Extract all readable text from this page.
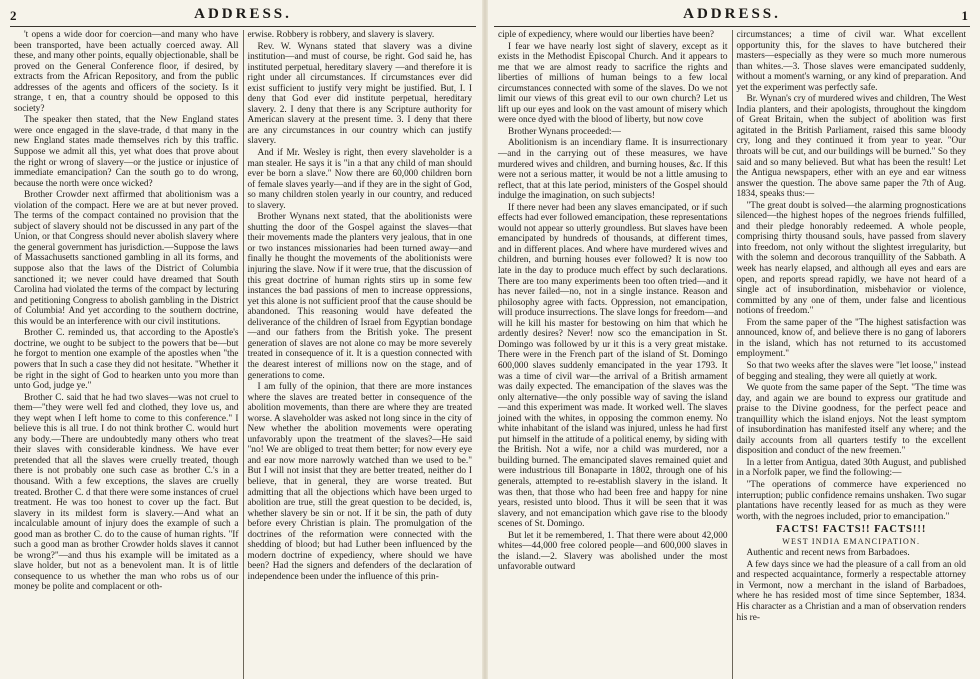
2	ADDRESS.

't opens a wide door for coercion—and many who have been transported, have been actually coerced away. All these, and many other points, equally objectionable, shall be proved on the General Conference floor, if desired, by extracts from the African Repository, and from the public addresses of the agents and officers of the society. Is it strange, t en, that a country should be opposed to this society?

The speaker then stated, that the New England states were once engaged in the slave-trade, d that many in the new England states made themselves rich by this traffic. Suppose we admit all this, yet what does that prove about the right or wrong of slavery—or the justice or injustice of immediate emancipation? Can the south go to do wrong, because the north were once wicked?

Brother Crowder next affirmed that abolitionism was a violation of the compact. Here we are at but never proved. The terms of the compact contained no provision that the subject of slavery should not be discussed in any part of the Union, or that Congress should never abolish slavery where the general government has jurisdiction.—Suppose the laws of Massachusetts sanctioned gambling in all its forms, and suppose also that the laws of the District of Columbia sanctioned it; we never could have dreamed that South Carolina had violated the terms of the compact by lecturing and petitioning Congress to abolish gambling in the District of Columbia! And yet according to the southern doctrine, this would be an interference with our civil institutions.

Brother C. reminded us, that according to the Apostle's doctrine, we ought to be subject to the powers that be—but he forgot to mention one example of the apostles when "the powers that In such a case they did not hesitate. "Whether it be right in the sight of God to hearken unto you more than unto God, judge ye."

Brother C. said that he had two slaves—was not cruel to them—"they were well fed and clothed, they love us, and they wept when I left home to come to this conference." I believe this is all true. I do not think brother C. would hurt any body.—There are undoubtedly many others who treat their slaves with considerable kindness. We have ever pretended that all the slaves were cruelly treated, though there is not probably one such case as brother C.'s in a thousand. With a few exceptions, the slaves are cruelly treated. Brother C. d that there were some instances of cruel treatment. He was too honest to cover up the fact. But slavery in its mildest form is slavery.—And what an incalculable amount of injury does the example of such a good man as brother C. do to the cause of human rights. "If such a good man as brother Crowder holds slaves it cannot be wrong?"—and thus his example will be imitated as a slave holder, but not as a benevolent man. It is of little consequence to us whether the man who robs us of our money be polite and complacent or oth-

erwise. Robbery is robbery, and slavery is slavery.

Rev. W. Wynans stated that slavery was a divine institution—and must of course, be right. God said he, has instituted perpetual, hereditary slavery —and therefore it is right under all circumstances. If circumstances ever did exist sufficient to justify very might be justified. But, I. I deny that God ever did institute perpetual, hereditary slavery. 2. I deny that there is any Scripture authority for American slavery at the present time. 3. I deny that there are any circumstances in our country which can justify slavery.

And if Mr. Wesley is right, then every slaveholder is a man stealer. He says it is "in a that any child of man should ever be born a slave." Now there are 60,000 children born of female slaves yearly—and if they are in the sight of God, so many children stolen yearly in our country, and reduced to slavery.

Brother Wynans next stated, that the abolitionists were shutting the door of the Gospel against the slaves—that their movements made the planters very jealous, that in one or two instances missionaries had been turned away—and finally he thought the movements of the abolitionists were injuring the slave. Now if it were true, that the discussion of this great doctrine of human rights stirs up in some few instances the bad passions of men to increase oppressions, yet this alone is not sufficient proof that the cause should be abandoned. This reasoning would have defeated the deliverance of the children of Israel from Egyptian bondage—and our fathers from the British yoke. The present generation of slaves are not alone co may be more severely treated in consequence of it. It is a question connected with the dearest interest of millions now on the stage, and of generations to come.

I am fully of the opinion, that there are more instances where the slaves are treated better in consequence of the abolition movements, than there are where they are treated worse. A slaveholder was asked not long since in the city of New whether the abolition movements were operating unfavorably upon the treatment of the slaves?—He said "no! We are obliged to treat them better; for now every eye and ear now more narrowly watched than we used to be." But I will not insist that they are better treated, neither do I believe, that in general, they are worse treated. But admitting that all the objections which have been urged to abolition are true, still the great question to be decided, is, whether slavery be sin or not. If it be sin, the path of duty before every Christian is plain. The promulgation of the doctrines of the reformation were connected with the shedding of blood; but had Luther been influenced by the modern doctrine of expediency, where should we have been? Had the signers and defenders of the declaration of independence been under the influence of this prin-

ADDRESS.	1

ciple of expediency, where would our liberties have been?

I fear we have nearly lost sight of slavery, except as it exists in the Methodist Episcopal Church. And it appears to me that we are almost ready to sacrifice the rights and liberties of millions of human beings to a few local circumstances connected with some of the slaves. Do we not limit our views of this great evil to our own church? Let us lift up our eyes and look on the vast amount of misery which were once dyed with the blood of liberty, but now cove

Brother Wynans proceeded:—

Abolitionism is an incendiary flame. It is insurrectionary—and in the carrying out of these measures, we have murdered wives and children, and burning houses, &c. If this were not a serious matter, it would be not a little amusing to reflect, that at this late period, ministers of the Gospel should indulge the imagination, on such subjects!

If there never had been any slaves emancipated, or if such effects had ever followed emancipation, these representations would not appear so utterly groundless. But slaves have been emancipated by hundreds of thousands, at different times, and in different places. And where have murdered wives and children, and burning houses ever followed? It is now too late in the day to produce much effect by such declarations. There are too many experiments been too often tried—and it has never failed—no, not in a single instance. Reason and philosophy agree with facts. Oppression, not emancipation, will produce insurrections. The slave longs for freedom—and will he kill his master for bestowing on him that which he ardently desires? Never! now sco the emancipation in St. Domingo was followed by ur it this is a very great mistake. There were in the French part of the island of St. Domingo 600,000 slaves suddenly emancipated in the year 1793. It was a time of civil war—the arrival of a British armament was daily expected. The emancipation of the slaves was the only alternative—the only possible way of saving the island—and this experiment was made. It worked well. The slaves joined with the whites, in opposing the common enemy. No white inhabitant of the island was injured, unless he had first put himself in the attitude of a political enemy, by siding with the British. Not a wife, nor a child was murdered, nor a building burned. The emancipated slaves remained quiet and were industrious till Bonaparte in 1802, through one of his generals, attempted to re-establish slavery in the island. It was then, that those who had been free and happy for nine years, resisted unto blood. Thus it will be seen that it was slavery, and not emancipation which gave rise to the bloody scenes of St. Domingo.

But let it be remembered, 1. That there were about 42,000 whites—44,000 free colored people—and 600,000 slaves in the island.—2. Slavery was abolished under the most unfavorable outward

circumstances; a time of civil war. What excellent opportunity this, for the slaves to have butchered their masters—especially as they were so much more numerous than whites.—3. Those slaves were emancipated suddenly, without a moment's warning, or any kind of preparation. And yet the experiment was perfectly safe.

Br. Wynan's cry of murdered wives and children, The West India planters, and their apologists, throughout the kingdom of Great Britain, when the subject of abolition was first agitated in the British Parliament, raised this same bloody cry, long and they continued it from year to year. "Our throats will be cut, and our buildings will be burned." So they said and so many believed. But what has been the result! Let the Antigua newspapers, ether with an eye and ear witness answer the question. The above same paper the 7th of Aug. 1834, speaks thus:—

"The great doubt is solved—the alarming prognostications silenced—the highest hopes of the negroes friends fulfilled, and their pledge honorably redeemed. A whole people, comprising thirty thousand souls, have passed from slavery into freedom, not only without the slightest irregularity, but with the solemn and decorous tranquillity of the Sabbath. A week has nearly elapsed, and although all eyes and ears are open, and reports spread rapidly, we have not heard of a single act of insubordination, misbehavior or violence, committed by any one of them, under false and licentious notions of freedom."

From the same paper of the "The highest satisfaction was announced, know of, and believe there is no gang of laborers in the island, which has not returned to its accustomed employment."

So that two weeks after the slaves were "let loose," instead of begging and stealing, they were all quietly at work.

We quote from the same paper of the Sept. "The time was day, and again we are bound to express our gratitude and praise to the Divine goodness, for the perfect peace and tranquillity which the island enjoys. Not the least symptom of insubordination has manifested itself any where; and the daily accounts from all quarters testify to the excellent disposition and conduct of the new freemen."

In a letter from Antigua, dated 30th August, and published in a Norfolk paper, we find the following:—

"The operations of commerce have experienced no interruption; public confidence remains unshaken. Two sugar plantations have recently leased for as much as they were worth, with the negroes included, prior to emancipation."

FACTS! FACTS!! FACTS!!!
WEST INDIA EMANCIPATION.

Authentic and recent news from Barbadoes.

A few days since we had the pleasure of a call from an old and respected acquaintance, formerly a respectable attorney in Vermont, now a merchant in the island of Barbadoes, where he has resided most of time since September, 1834. His character as a Christian and a man of observation renders his re-
